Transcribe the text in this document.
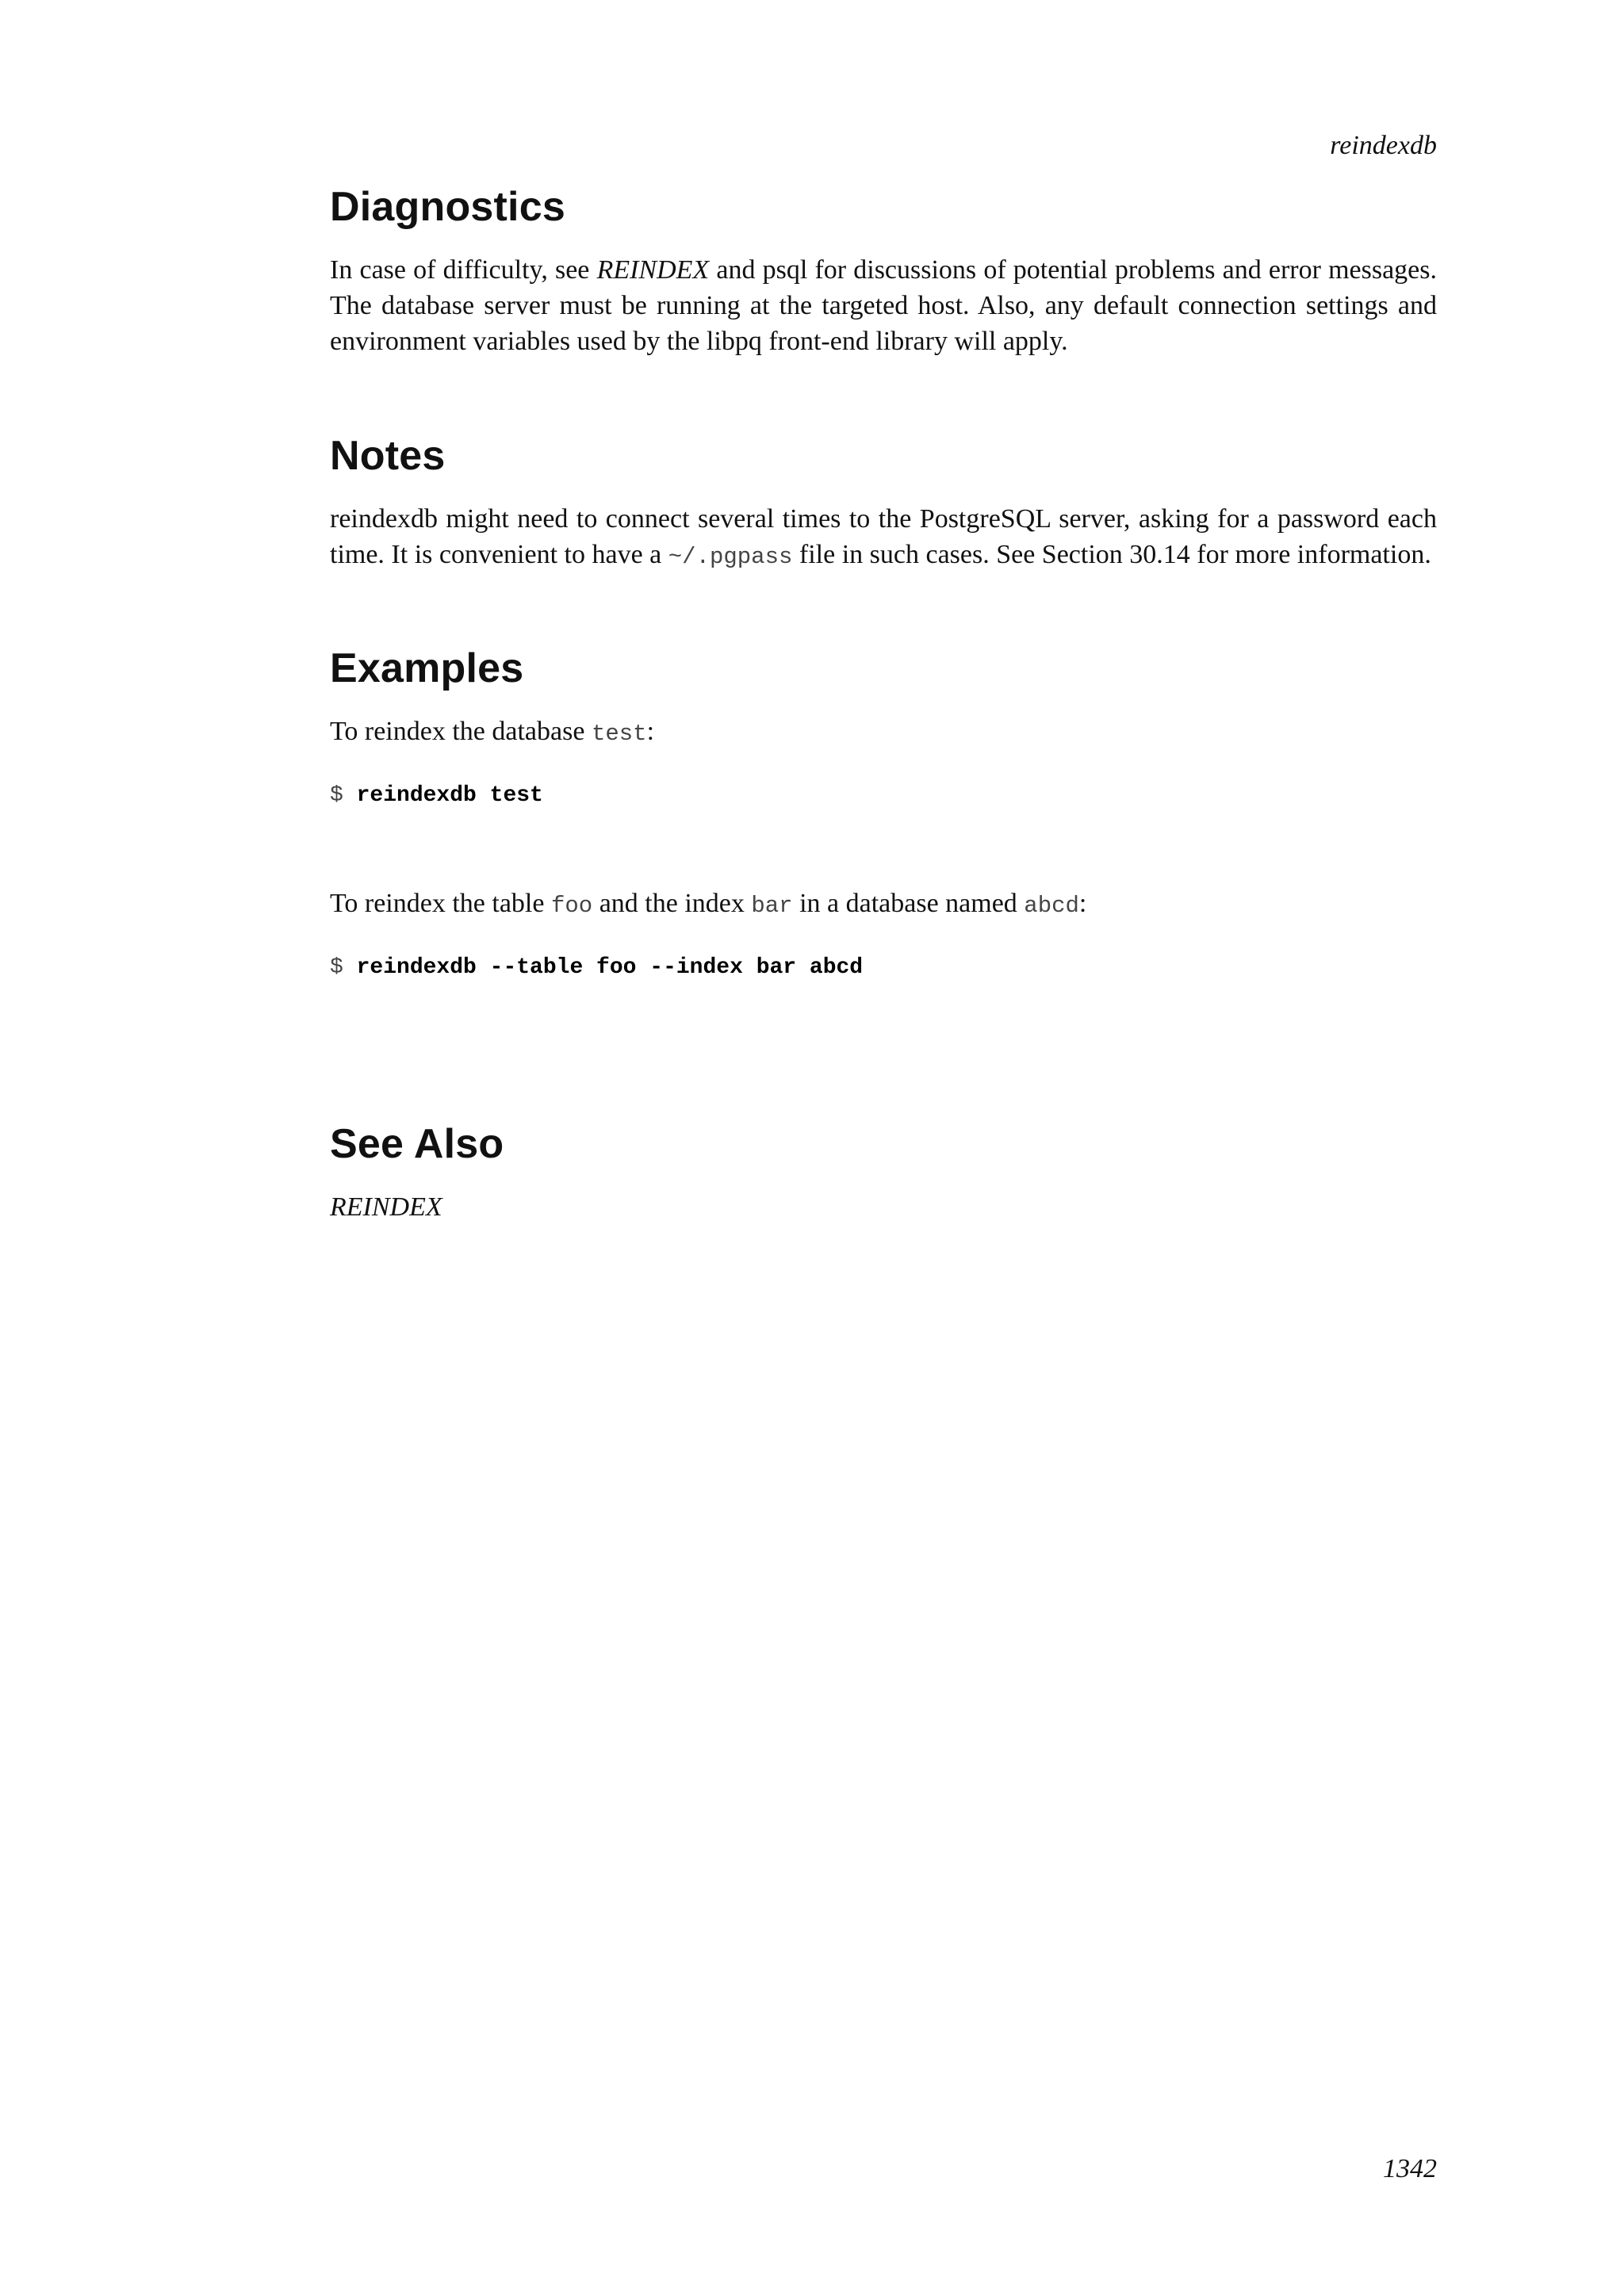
reindexdb
Diagnostics

In case of difficulty, see REINDEX and psql for discussions of potential problems and error messages. The database server must be running at the targeted host. Also, any default connection settings and environment variables used by the libpq front-end library will apply.

Notes

reindexdb might need to connect several times to the PostgreSQL server, asking for a password each time. It is convenient to have a ~/.pgpass file in such cases. See Section 30.14 for more information.

Examples

To reindex the database test:

$ reindexdb test

To reindex the table foo and the index bar in a database named abcd:

$ reindexdb --table foo --index bar abcd
See Also

REINDEX

1342
